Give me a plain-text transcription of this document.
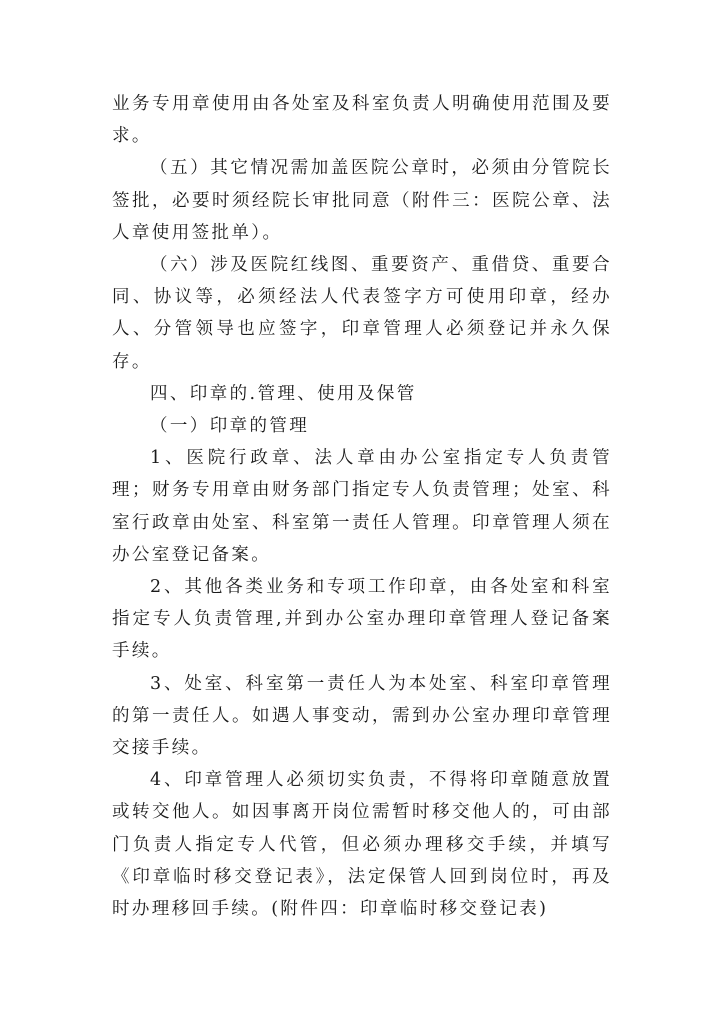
业务专用章使用由各处室及科室负责人明确使用范围及要求。

（五）其它情况需加盖医院公章时，必须由分管院长签批，必要时须经院长审批同意（附件三：医院公章、法人章使用签批单）。

（六）涉及医院红线图、重要资产、重借贷、重要合同、协议等，必须经法人代表签字方可使用印章，经办人、分管领导也应签字，印章管理人必须登记并永久保存。

四、印章的.管理、使用及保管

（一）印章的管理

1、医院行政章、法人章由办公室指定专人负责管理；财务专用章由财务部门指定专人负责管理；处室、科室行政章由处室、科室第一责任人管理。印章管理人须在办公室登记备案。

2、其他各类业务和专项工作印章，由各处室和科室指定专人负责管理,并到办公室办理印章管理人登记备案手续。

3、处室、科室第一责任人为本处室、科室印章管理的第一责任人。如遇人事变动，需到办公室办理印章管理交接手续。

4、印章管理人必须切实负责，不得将印章随意放置或转交他人。如因事离开岗位需暂时移交他人的，可由部门负责人指定专人代管，但必须办理移交手续，并填写《印章临时移交登记表》，法定保管人回到岗位时，再及时办理移回手续。(附件四：印章临时移交登记表)
